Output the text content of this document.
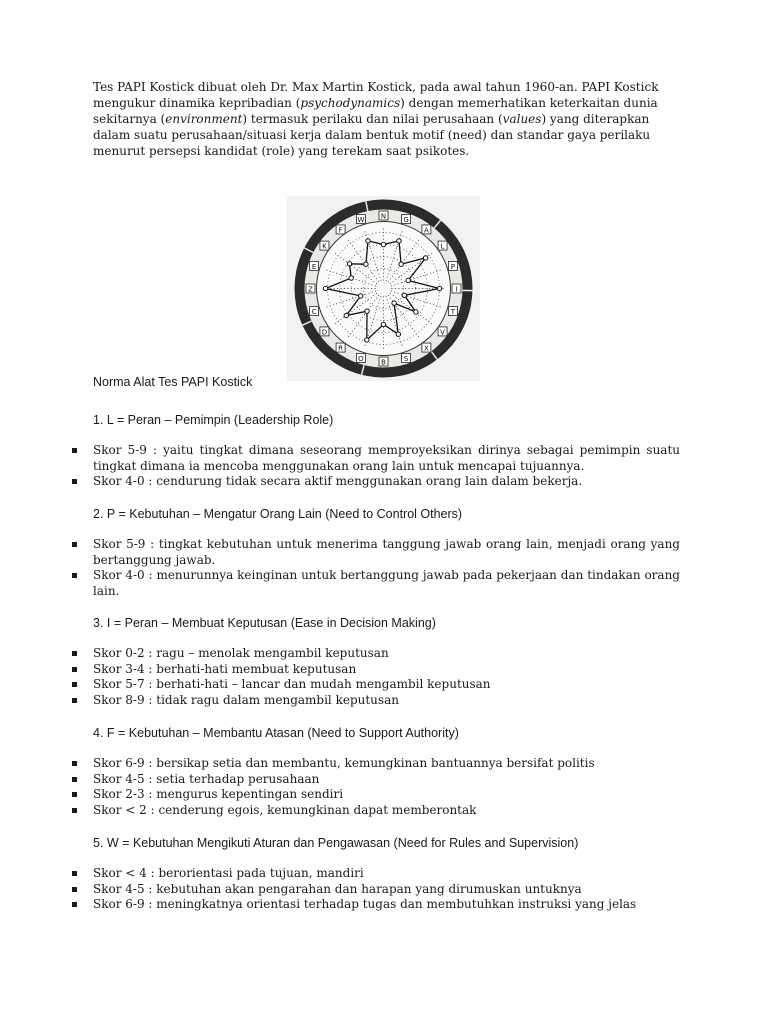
Tes PAPI Kostick dibuat oleh Dr. Max Martin Kostick, pada awal tahun 1960-an. PAPI Kostick mengukur dinamika kepribadian (psychodynamics) dengan memerhatikan keterkaitan dunia sekitarnya (environment) termasuk perilaku dan nilai perusahaan (values) yang diterapkan dalam suatu perusahaan/situasi kerja dalam bentuk motif (need) dan standar gaya perilaku menurut persepsi kandidat (role) yang terekam saat psikotes.

N G
A
L
P
I
T
V
X
S
B
O
R
D
C
Z
E
K
F
W
Norma Alat Tes PAPI Kostick
1. L = Peran – Pemimpin (Leadership Role)
Skor 5-9 : yaitu tingkat dimana seseorang memproyeksikan dirinya sebagai pemimpin suatu tingkat dimana ia mencoba menggunakan orang lain untuk mencapai tujuannya.
Skor 4-0 : cendurung tidak secara aktif menggunakan orang lain dalam bekerja.
2. P = Kebutuhan – Mengatur Orang Lain (Need to Control Others)
Skor 5-9 : tingkat kebutuhan untuk menerima tanggung jawab orang lain, menjadi orang yang bertanggung jawab.
Skor 4-0 : menurunnya keinginan untuk bertanggung jawab pada pekerjaan dan tindakan orang lain.
3. I = Peran – Membuat Keputusan (Ease in Decision Making)
Skor 0-2 : ragu – menolak mengambil keputusan
Skor 3-4 : berhati-hati membuat keputusan
Skor 5-7 : berhati-hati – lancar dan mudah mengambil keputusan
Skor 8-9 : tidak ragu dalam mengambil keputusan
4. F = Kebutuhan – Membantu Atasan (Need to Support Authority)
Skor 6-9 : bersikap setia dan membantu, kemungkinan bantuannya bersifat politis
Skor 4-5 : setia terhadap perusahaan
Skor 2-3 : mengurus kepentingan sendiri
Skor < 2 : cenderung egois, kemungkinan dapat memberontak
5. W = Kebutuhan Mengikuti Aturan dan Pengawasan (Need for Rules and Supervision)
Skor < 4 : berorientasi pada tujuan, mandiri
Skor 4-5 : kebutuhan akan pengarahan dan harapan yang dirumuskan untuknya
Skor 6-9 : meningkatnya orientasi terhadap tugas dan membutuhkan instruksi yang jelas
